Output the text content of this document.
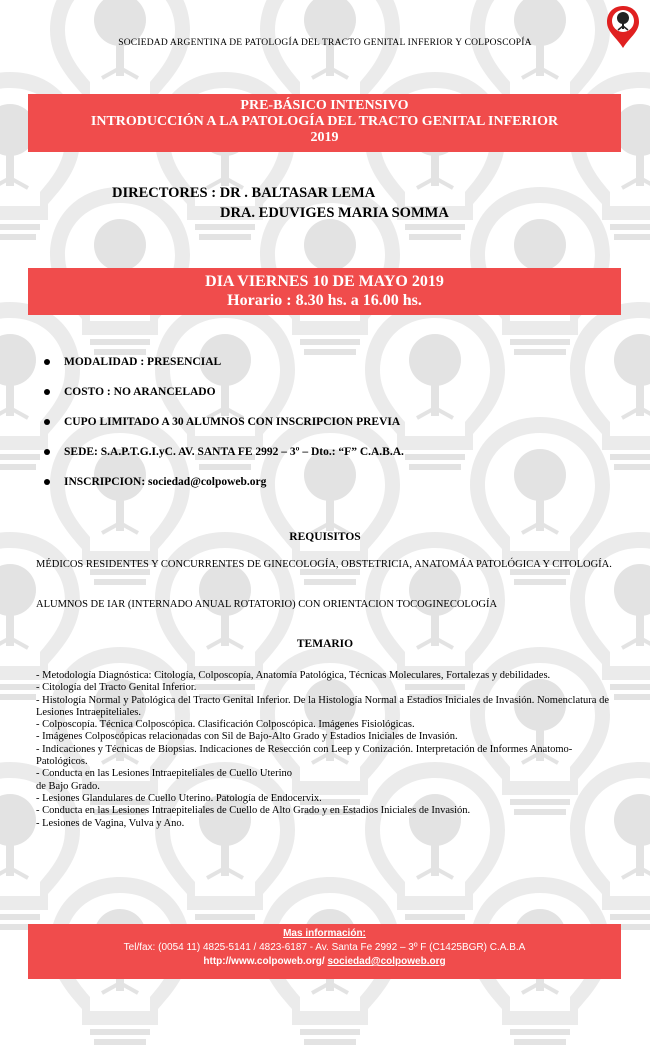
SOCIEDAD ARGENTINA DE PATOLOGÍA DEL TRACTO GENITAL INFERIOR Y COLPOSCOPÍA
PRE-BÁSICO INTENSIVO
INTRODUCCIÓN A LA PATOLOGÍA DEL TRACTO GENITAL INFERIOR
2019
DIRECTORES : DR . BALTASAR LEMA
DRA. EDUVIGES MARIA SOMMA
DIA VIERNES 10 DE MAYO 2019
Horario : 8.30 hs. a 16.00 hs.
MODALIDAD : PRESENCIAL
COSTO : NO ARANCELADO
CUPO LIMITADO A 30 ALUMNOS CON INSCRIPCION PREVIA
SEDE: S.A.P.T.G.I.yC. AV. SANTA FE 2992 – 3º – Dto.: “F” C.A.B.A.
INSCRIPCION: sociedad@colpoweb.org
REQUISITOS
MÉDICOS RESIDENTES Y CONCURRENTES DE GINECOLOGÍA, OBSTETRICIA, ANATOMÁA PATOLÓGICA Y CITOLOGÍA.
ALUMNOS DE IAR (INTERNADO ANUAL ROTATORIO) CON ORIENTACION TOCOGINECOLOGÍA
TEMARIO
- Metodología Diagnóstica: Citología, Colposcopía, Anatomía Patológica, Técnicas Moleculares, Fortalezas y debilidades.
- Citología del Tracto Genital Inferior.
- Histología Normal y Patológica del Tracto Genital Inferior. De la Histología Normal a Estadios Iniciales de Invasión. Nomenclatura de Lesiones Intraepiteliales.
- Colposcopía. Técnica Colposcópica. Clasificación Colposcópica. Imágenes Fisiológicas.
- Imágenes Colposcópicas relacionadas con Sil de Bajo-Alto Grado y Estadios Iniciales de Invasión.
- Indicaciones y Técnicas de Biopsias. Indicaciones de Resección con Leep y Conización. Interpretación de Informes Anatomo-Patológicos.
- Conducta en las Lesiones Intraepiteliales de Cuello Uterino
de Bajo Grado.
- Lesiones Glandulares de Cuello Uterino. Patología de Endocervix.
- Conducta en las Lesiones Intraepiteliales de Cuello de Alto Grado y en Estadios Iniciales de Invasión.
- Lesiones de Vagina, Vulva y Ano.
Mas información:
Tel/fax: (0054 11) 4825-5141 / 4823-6187 - Av. Santa Fe 2992 – 3º F (C1425BGR) C.A.B.A
http://www.colpoweb.org/ sociedad@colpoweb.org
